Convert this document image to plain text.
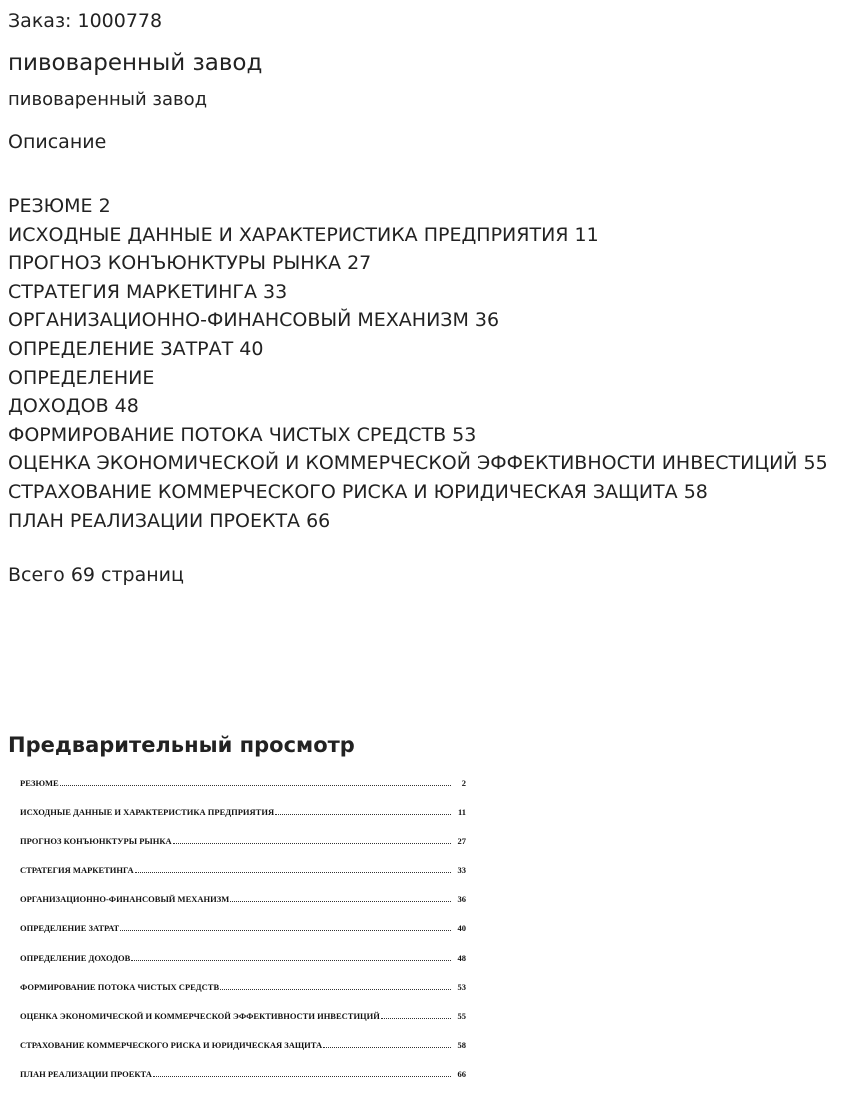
Заказ: 1000778
пивоваренный завод
пивоваренный завод
Описание
РЕЗЮМЕ 2
ИСХОДНЫЕ ДАННЫЕ И ХАРАКТЕРИСТИКА ПРЕДПРИЯТИЯ 11
ПРОГНОЗ КОНЪЮНКТУРЫ РЫНКА 27
СТРАТЕГИЯ МАРКЕТИНГА 33
ОРГАНИЗАЦИОННО-ФИНАНСОВЫЙ МЕХАНИЗМ 36
ОПРЕДЕЛЕНИЕ ЗАТРАТ 40
ОПРЕДЕЛЕНИЕ
ДОХОДОВ 48
ФОРМИРОВАНИЕ ПОТОКА ЧИСТЫХ СРЕДСТВ 53
ОЦЕНКА ЭКОНОМИЧЕСКОЙ И КОММЕРЧЕСКОЙ ЭФФЕКТИВНОСТИ ИНВЕСТИЦИЙ 55
СТРАХОВАНИЕ КОММЕРЧЕСКОГО РИСКА И ЮРИДИЧЕСКАЯ ЗАЩИТА 58
ПЛАН РЕАЛИЗАЦИИ ПРОЕКТА 66
Всего 69 страниц
Предварительный просмотр
РЕЗЮМЕ	2
ИСХОДНЫЕ ДАННЫЕ И ХАРАКТЕРИСТИКА ПРЕДПРИЯТИЯ	11
ПРОГНОЗ КОНЪЮНКТУРЫ РЫНКА	27
СТРАТЕГИЯ МАРКЕТИНГА	33
ОРГАНИЗАЦИОННО-ФИНАНСОВЫЙ МЕХАНИЗМ	36
ОПРЕДЕЛЕНИЕ ЗАТРАТ	40
ОПРЕДЕЛЕНИЕ ДОХОДОВ	48
ФОРМИРОВАНИЕ ПОТОКА ЧИСТЫХ СРЕДСТВ	53
ОЦЕНКА ЭКОНОМИЧЕСКОЙ И КОММЕРЧЕСКОЙ ЭФФЕКТИВНОСТИ ИНВЕСТИЦИЙ	55
СТРАХОВАНИЕ КОММЕРЧЕСКОГО РИСКА И ЮРИДИЧЕСКАЯ ЗАЩИТА	58
ПЛАН РЕАЛИЗАЦИИ ПРОЕКТА	66
